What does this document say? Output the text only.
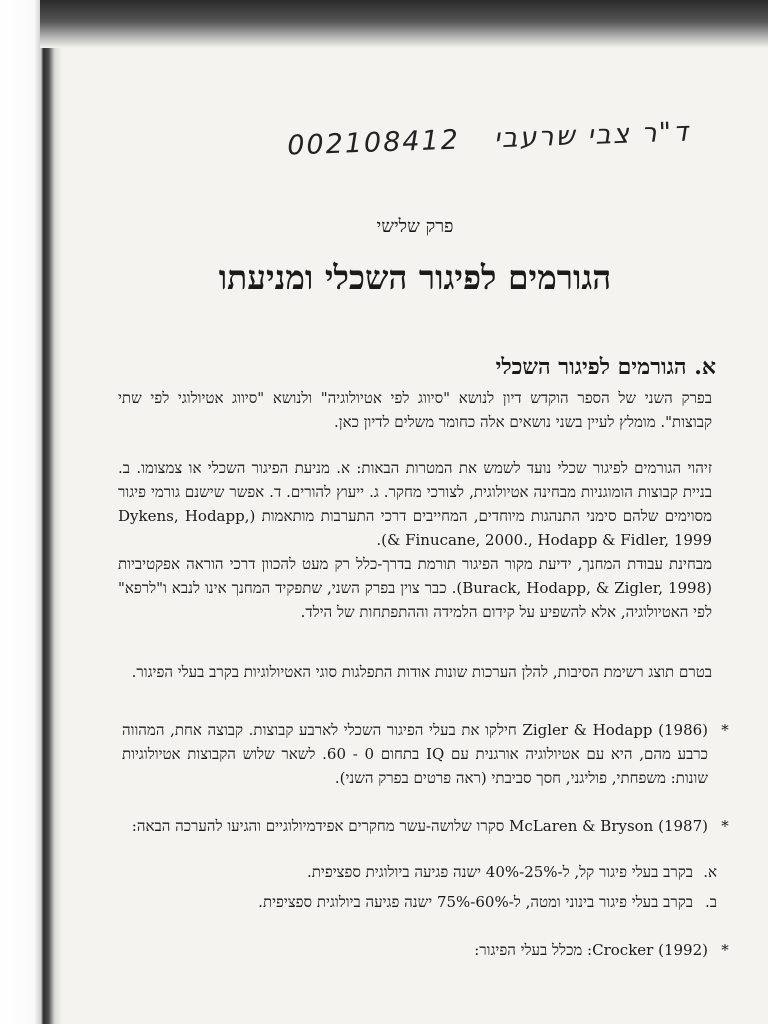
002108412 ד"ר צבי שרעבי
פרק שלישי
הגורמים לפיגור השכלי ומניעתו
א. הגורמים לפיגור השכלי

בפרק השני של הספר הוקדש דיון לנושא "סיווג לפי אטיולוגיה" ולנושא "סיווג אטיולוגי לפי שתי קבוצות". מומלץ לעיין בשני נושאים אלה כחומר משלים לדיון כאן.

זיהוי הגורמים לפיגור שכלי נועד לשמש את המטרות הבאות: א. מניעת הפיגור השכלי או צמצומו. ב. בניית קבוצות הומוגניות מבחינה אטיולוגית, לצורכי מחקר. ג. ייעוץ להורים. ד. אפשר שישנם גורמי פיגור מסוימים שלהם סימני התנהגות מיוחדים, המחייבים דרכי התערבות מותאמות (Dykens, Hodapp, & Finucane, 2000., Hodapp & Fidler, 1999).

מבחינת עבודת המחנך, ידיעת מקור הפיגור תורמת בדרך-כלל רק מעט להכוון דרכי הוראה אפקטיביות (Burack, Hodapp, & Zigler, 1998). כבר צוין בפרק השני, שתפקיד המחנך אינו לנבא ו"לרפא" לפי האטיולוגיה, אלא להשפיע על קידום הלמידה וההתפתחות של הילד.

בטרם תוצג רשימת הסיבות, להלן הערכות שונות אודות התפלגות סוגי האטיולוגיות בקרב בעלי הפיגור.

*
Zigler & Hodapp (1986) חילקו את בעלי הפיגור השכלי לארבע קבוצות. קבוצה אחת, המהווה כרבע מהם, היא עם אטיולוגיה אורגנית עם IQ בתחום 0 - 60. לשאר שלוש הקבוצות אטיולוגיות שונות: משפחתי, פוליגני, חסך סביבתי (ראה פרטים בפרק השני).
*
McLaren & Bryson (1987) סקרו שלושה-עשר מחקרים אפידמיולוגיים והגיעו להערכה הבאה:
א.
בקרב בעלי פיגור קל, ל-25%-40% ישנה פגיעה ביולוגית ספציפית.
ב.
בקרב בעלי פיגור בינוני ומטה, ל-60%-75% ישנה פגיעה ביולוגית ספציפית.
*
Crocker (1992): מכלל בעלי הפיגור:
